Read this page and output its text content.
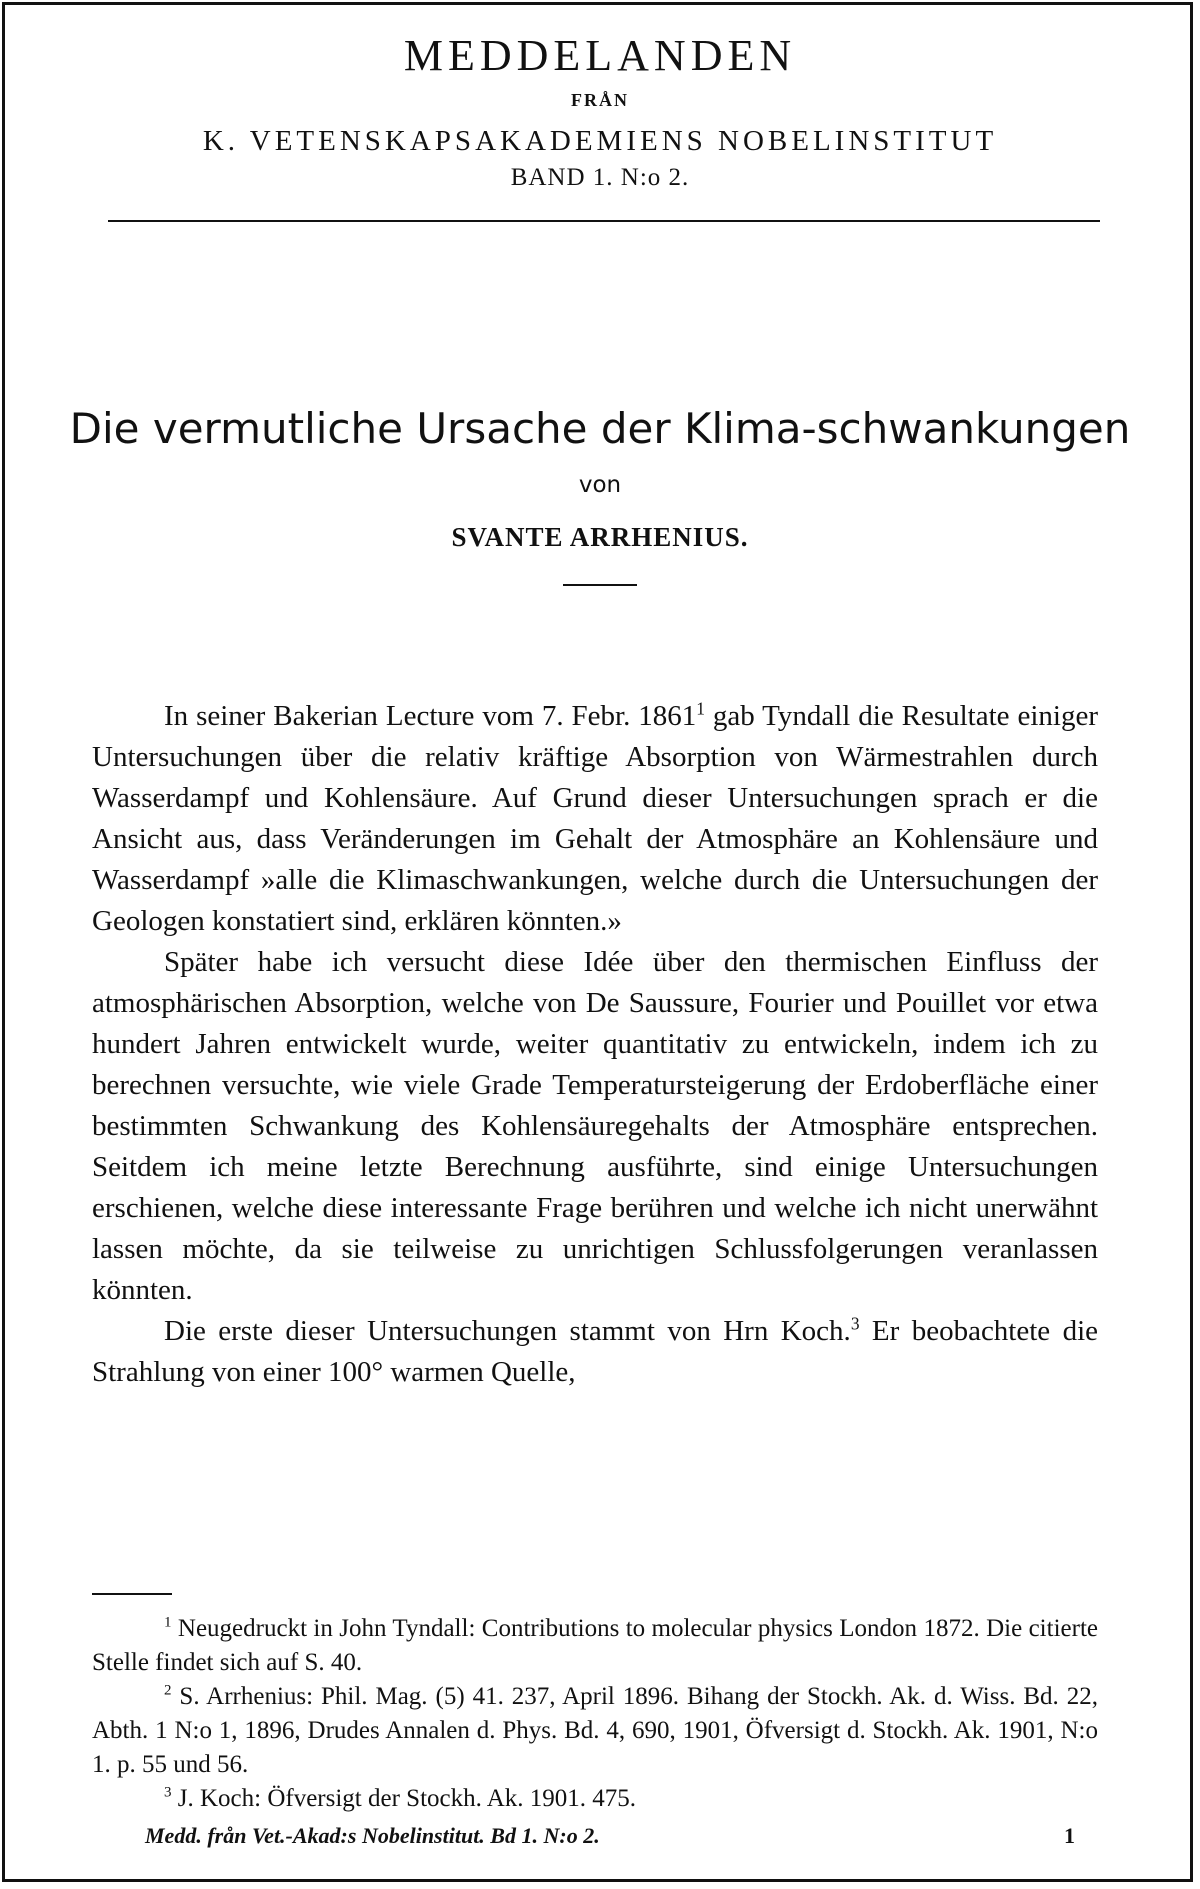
MEDDELANDEN
FRÅN
K. VETENSKAPSAKADEMIENS NOBELINSTITUT
BAND 1. N:o 2.
Die vermutliche Ursache der Klima-schwankungen
von
SVANTE ARRHENIUS.

In seiner Bakerian Lecture vom 7. Febr. 1861$^1$ gab Tyndall die Resultate einiger Untersuchungen über die relativ kräftige Absorption von Wärmestrahlen durch Wasserdampf und Kohlensäure. Auf Grund dieser Untersuchungen sprach er die Ansicht aus, dass Veränderungen im Gehalt der Atmosphäre an Kohlensäure und Wasserdampf »alle die Klimaschwankungen, welche durch die Untersuchungen der Geologen konstatiert sind, erklären könnten.»

Später habe ich versucht diese Idée über den thermischen Einfluss der atmosphärischen Absorption, welche von De Saussure, Fourier und Pouillet vor etwa hundert Jahren entwickelt wurde, weiter quantitativ zu entwickeln, indem ich zu berechnen versuchte, wie viele Grade Temperatursteigerung der Erdoberfläche einer bestimmten Schwankung des Kohlensäuregehalts der Atmosphäre entsprechen. Seitdem ich meine letzte Berechnung ausführte, sind einige Untersuchungen erschienen, welche diese interessante Frage berühren und welche ich nicht unerwähnt lassen möchte, da sie teilweise zu unrichtigen Schlussfolgerungen veranlassen könnten.

Die erste dieser Untersuchungen stammt von Hrn Koch.$^3$ Er beobachtete die Strahlung von einer 100° warmen Quelle,

$^1$ Neugedruckt in John Tyndall: Contributions to molecular physics London 1872. Die citierte Stelle findet sich auf S. 40.

$^2$ S. Arrhenius: Phil. Mag. (5) 41. 237, April 1896. Bihang der Stockh. Ak. d. Wiss. Bd. 22, Abth. 1 N:o 1, 1896, Drudes Annalen d. Phys. Bd. 4, 690, 1901, Öfversigt d. Stockh. Ak. 1901, N:o 1. p. 55 und 56.

$^3$ J. Koch: Öfversigt der Stockh. Ak. 1901. 475.

Medd. från Vet.-Akad:s Nobelinstitut. Bd 1. N:o 2.	1
